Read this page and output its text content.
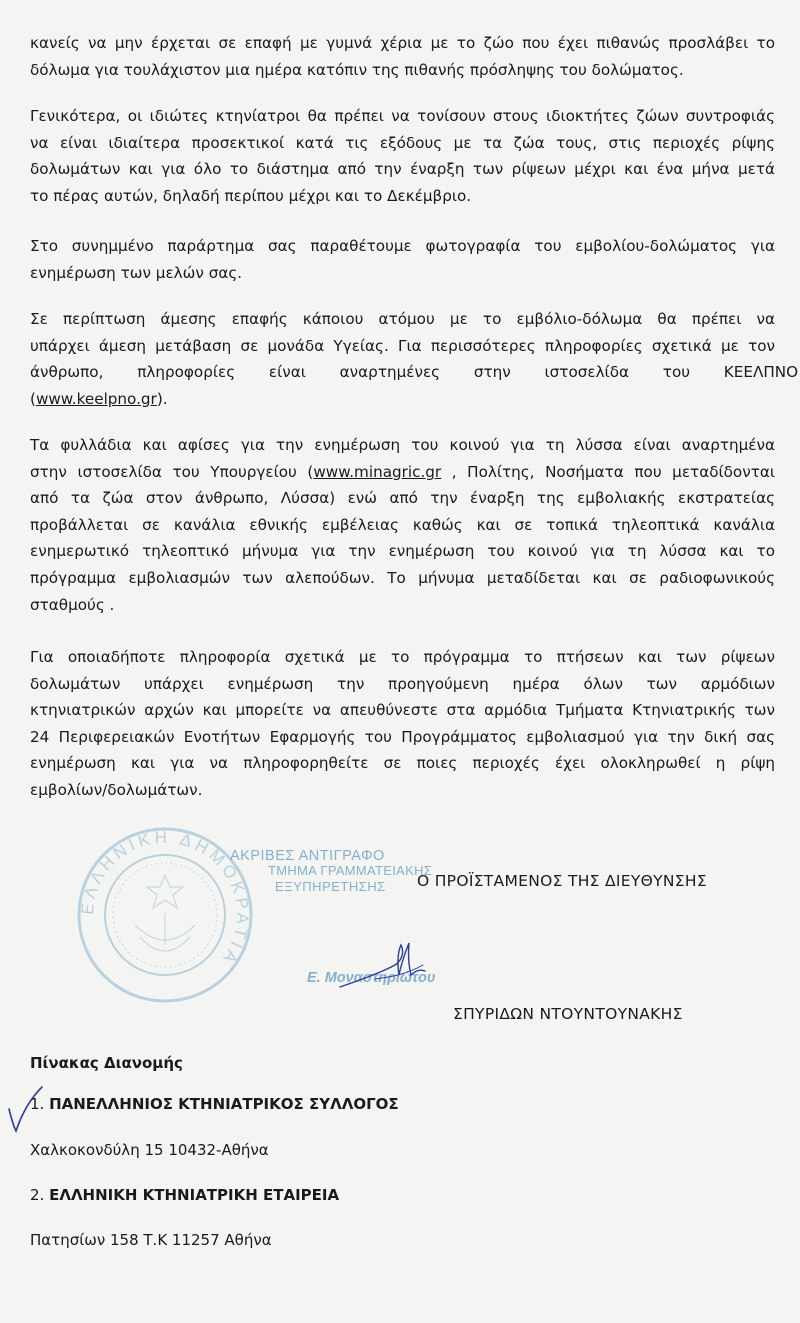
κανείς να μην έρχεται σε επαφή με γυμνά χέρια με το ζώο που έχει πιθανώς προσλάβει το
δόλωμα για τουλάχιστον μια ημέρα κατόπιν της πιθανής πρόσληψης του δολώματος.

Γενικότερα, οι ιδιώτες κτηνίατροι θα πρέπει να τονίσουν στους ιδιοκτήτες ζώων συντροφιάς
να είναι ιδιαίτερα προσεκτικοί κατά τις εξόδους με τα ζώα τους, στις περιοχές ρίψης
δολωμάτων και για όλο το διάστημα από την έναρξη των ρίψεων μέχρι και ένα μήνα μετά
το πέρας αυτών, δηλαδή περίπου μέχρι και το Δεκέμβριο.

Στο συνημμένο παράρτημα σας παραθέτουμε φωτογραφία του εμβολίου-δολώματος για
ενημέρωση των μελών σας.

Σε περίπτωση άμεσης επαφής κάποιου ατόμου με το εμβόλιο-δόλωμα θα πρέπει να
υπάρχει άμεση μετάβαση σε μονάδα Υγείας. Για περισσότερες πληροφορίες σχετικά με τον
άνθρωπο,       πληροφορίες       είναι       αναρτημένες       στην       ιστοσελίδα       του       ΚΕΕΛΠΝΟ
(www.keelpno.gr).

Τα φυλλάδια και αφίσες για την ενημέρωση του κοινού για τη λύσσα είναι αναρτημένα
στην ιστοσελίδα του Υπουργείου (www.minagric.gr , Πολίτης, Νοσήματα που μεταδίδονται
από τα ζώα στον άνθρωπο, Λύσσα) ενώ από την έναρξη της εμβολιακής εκστρατείας
προβάλλεται σε κανάλια εθνικής εμβέλειας καθώς και σε τοπικά τηλεοπτικά κανάλια
ενημερωτικό τηλεοπτικό μήνυμα για την ενημέρωση του κοινού για τη λύσσα και το
πρόγραμμα εμβολιασμών των αλεπούδων. Το μήνυμα μεταδίδεται και σε ραδιοφωνικούς
σταθμούς .

Για οποιαδήποτε πληροφορία σχετικά με το πρόγραμμα το πτήσεων και των ρίψεων
δολωμάτων υπάρχει ενημέρωση την προηγούμενη ημέρα όλων των αρμόδιων
κτηνιατρικών αρχών και μπορείτε να απευθύνεστε στα αρμόδια Τμήματα Κτηνιατρικής των
24 Περιφερειακών Ενοτήτων Εφαρμογής του Προγράμματος εμβολιασμού για την δική σας
ενημέρωση και για να πληροφορηθείτε σε ποιες περιοχές έχει ολοκληρωθεί η ρίψη
εμβολίων/δολωμάτων.

ΕΛΛΗΝΙΚΗ ΔΗΜΟΚΡΑΤΙΑ
ΑΚΡΙΒΕΣ ΑΝΤΙΓΡΑΦΟ
ΤΜΗΜΑ ΓΡΑΜΜΑΤΕΙΑΚΗΣ
ΕΞΥΠΗΡΕΤΗΣΗΣ
Ε. Μοναστηριώτου
Ο ΠΡΟΪΣΤΑΜΕΝΟΣ ΤΗΣ ΔΙΕΥΘΥΝΣΗΣ
ΣΠΥΡΙΔΩΝ ΝΤΟΥΝΤΟΥΝΑΚΗΣ
Πίνακας Διανομής
1. ΠΑΝΕΛΛΗΝΙΟΣ ΚΤΗΝΙΑΤΡΙΚΟΣ ΣΥΛΛΟΓΟΣ
Χαλκοκονδύλη 15 10432-Αθήνα
2. ΕΛΛΗΝΙΚΗ ΚΤΗΝΙΑΤΡΙΚΗ ΕΤΑΙΡΕΙΑ
Πατησίων 158 Τ.Κ 11257 Αθήνα
